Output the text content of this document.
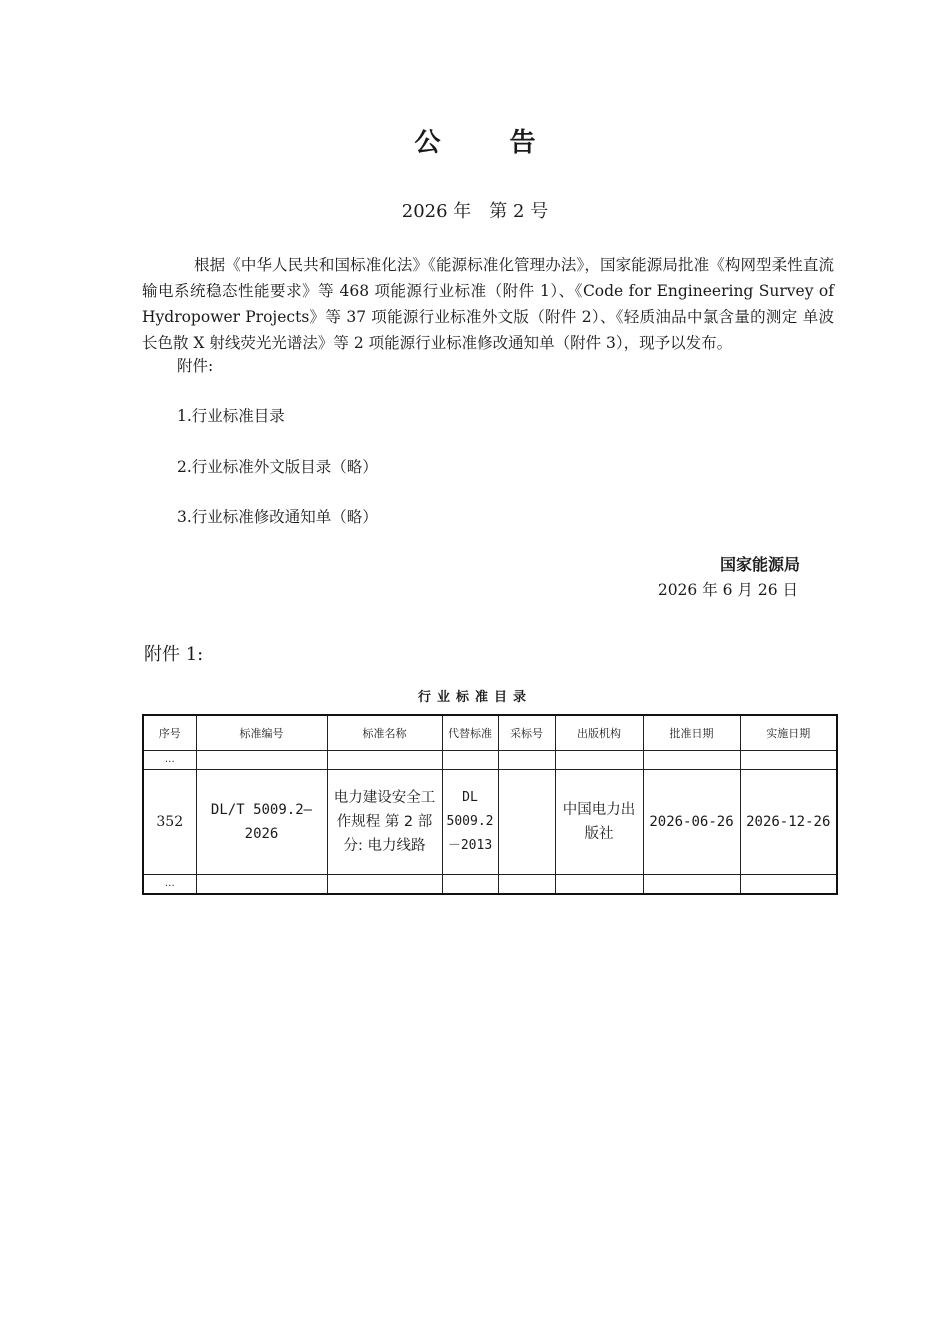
公 告
2026 年　第 2 号
根据《中华人民共和国标准化法》《能源标准化管理办法》，国家能源局批准《构网型柔性直流输电系统稳态性能要求》等 468 项能源行业标准（附件 1）、《Code for Engineering Survey of Hydropower Projects》等 37 项能源行业标准外文版（附件 2）、《轻质油品中氯含量的测定 单波长色散 X 射线荧光光谱法》等 2 项能源行业标准修改通知单（附件 3），现予以发布。
附件:
1.行业标准目录
2.行业标准外文版目录（略）
3.行业标准修改通知单（略）
国家能源局
2026 年 6 月 26 日
附件 1:
行业标准目录
序号	标准编号	标准名称	代替标准	采标号	出版机构	批准日期	实施日期
…							
352	DL/T 5009.2—2026	电力建设安全工作规程 第 2 部分: 电力线路	DL 5009.2－2013		中国电力出版社	2026-06-26	2026-12-26
…							
